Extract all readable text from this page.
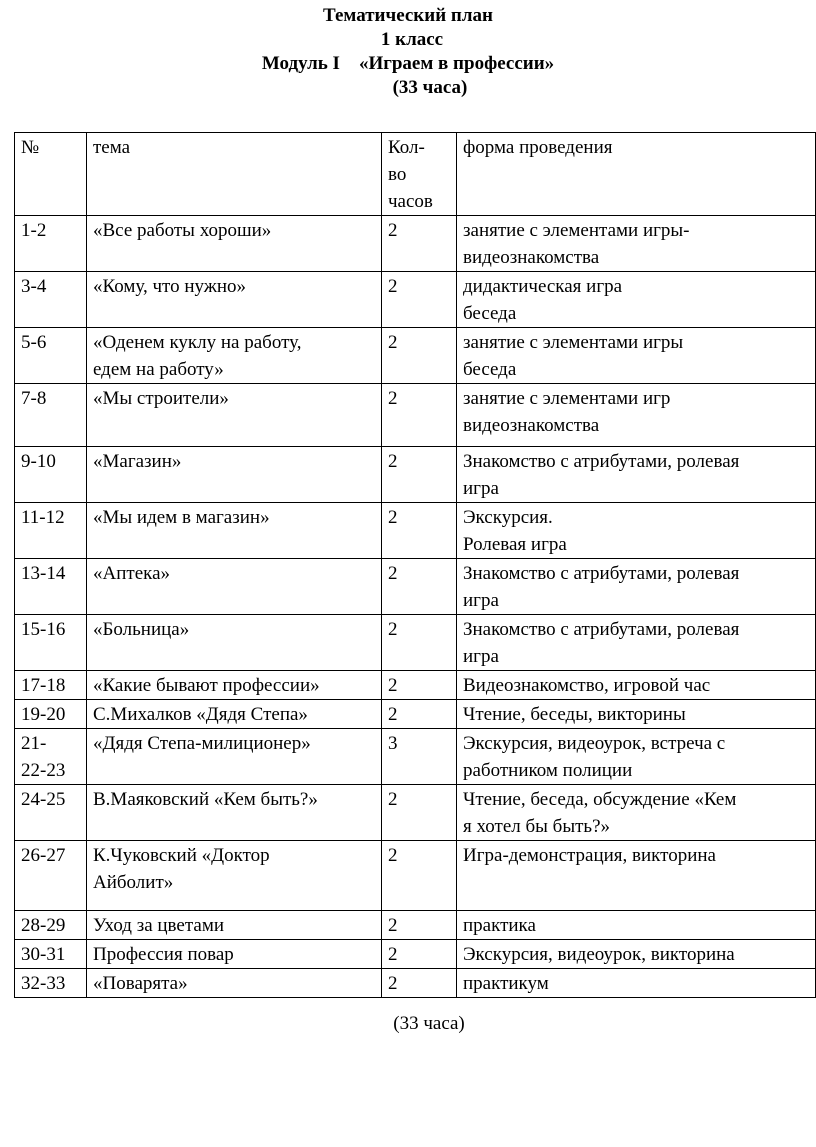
Тематический план
1 класс
Модуль I    «Играем в профессии»
(33 часа)
№	тема	Кол-
во
часов	форма проведения

1-2	«Все работы хороши»	2	занятие с элементами игры-
видеознакомства

3-4	«Кому, что нужно»	2	дидактическая игра
беседа

5-6	«Оденем куклу на работу,
едем на работу»	2	занятие с элементами игры
беседа

7-8	«Мы строители»	2	занятие с элементами игр
видеознакомства

9-10	«Магазин»	2	Знакомство с атрибутами, ролевая
игра

11-12	«Мы идем в магазин»	2	Экскурсия.
Ролевая игра

13-14	«Аптека»	2	Знакомство с атрибутами, ролевая
игра

15-16	«Больница»	2	Знакомство с атрибутами, ролевая
игра

17-18	«Какие бывают профессии»	2	Видеознакомство, игровой час

19-20	С.Михалков «Дядя Степа»	2	Чтение, беседы, викторины

21-
22-23	«Дядя Степа-милиционер»	3	Экскурсия, видеоурок, встреча с
работником полиции

24-25	В.Маяковский «Кем быть?»	2	Чтение, беседа, обсуждение «Кем
я хотел бы быть?»

26-27	К.Чуковский «Доктор
Айболит»	2	Игра-демонстрация, викторина

28-29	Уход за цветами	2	практика

30-31	Профессия повар	2	Экскурсия, видеоурок, викторина

32-33	«Поварята»	2	практикум
(33 часа)
